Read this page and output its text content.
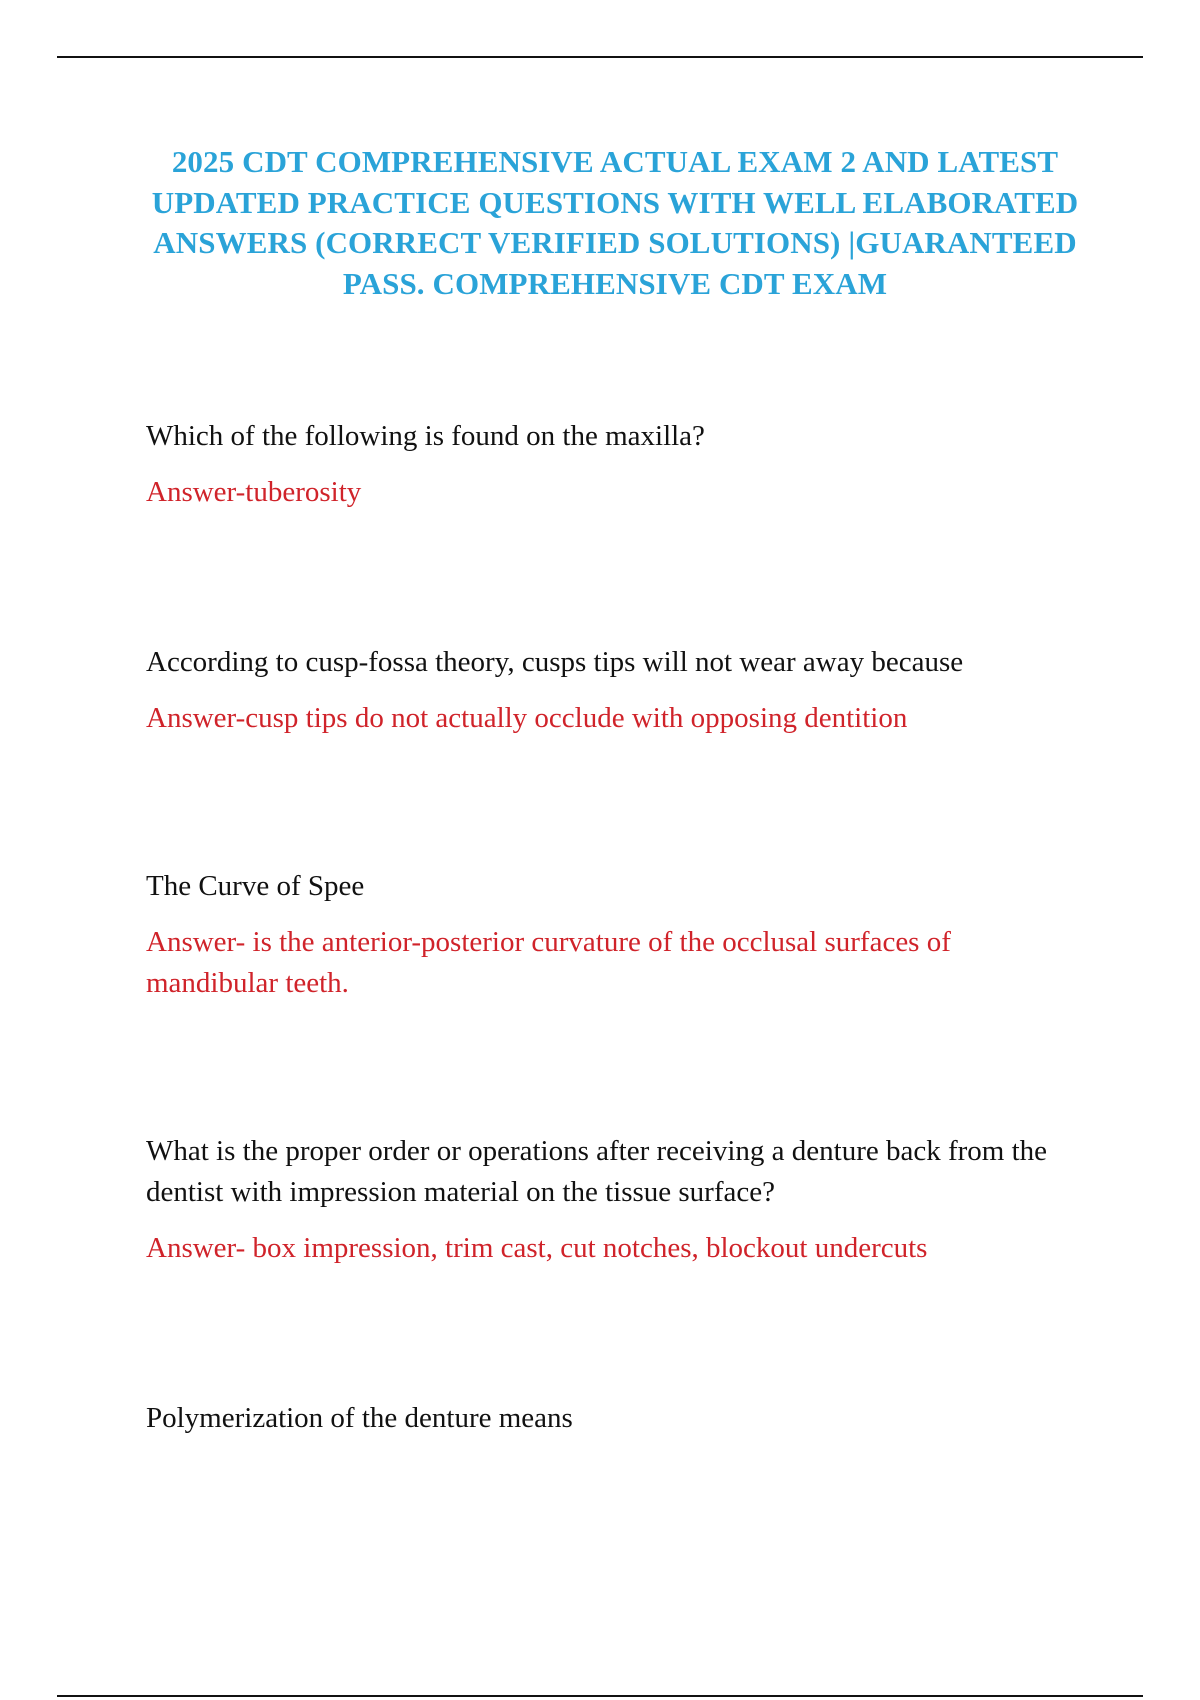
2025 CDT COMPREHENSIVE ACTUAL EXAM 2 AND LATEST UPDATED PRACTICE QUESTIONS WITH WELL ELABORATED ANSWERS (CORRECT VERIFIED SOLUTIONS) |GUARANTEED PASS. COMPREHENSIVE CDT EXAM

Which of the following is found on the maxilla?

Answer-tuberosity

According to cusp-fossa theory, cusps tips will not wear away because

Answer-cusp tips do not actually occlude with opposing dentition

The Curve of Spee

Answer- is the anterior-posterior curvature of the occlusal surfaces of mandibular teeth.

What is the proper order or operations after receiving a denture back from the dentist with impression material on the tissue surface?

Answer- box impression, trim cast, cut notches, blockout undercuts

Polymerization of the denture means
